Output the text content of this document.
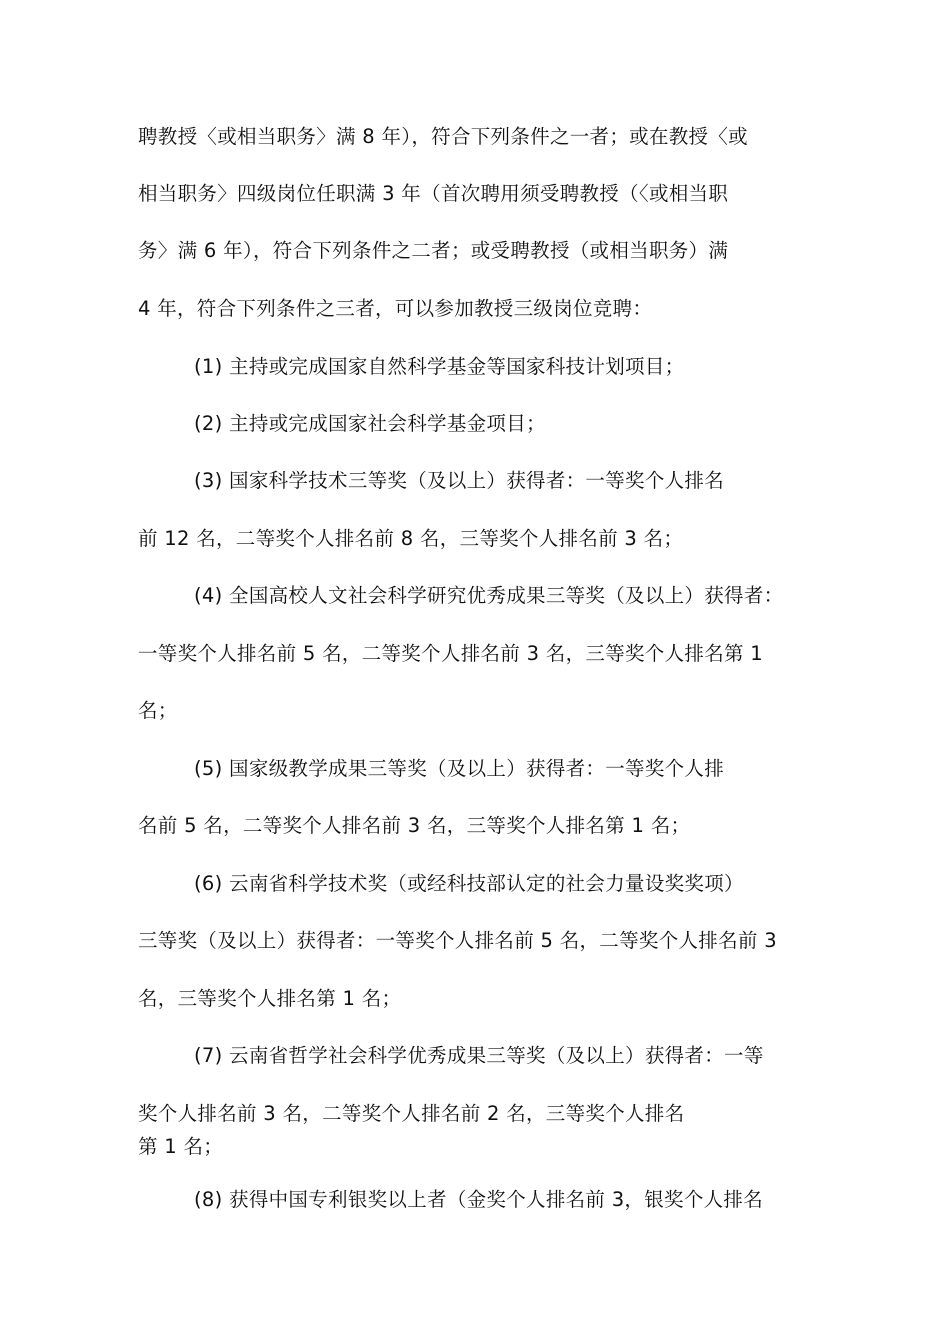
聘教授〈或相当职务〉满 8 年），符合下列条件之一者；或在教授〈或
相当职务〉四级岗位任职满 3 年（首次聘用须受聘教授（〈或相当职
务〉满 6 年），符合下列条件之二者；或受聘教授（或相当职务）满
4 年，符合下列条件之三者，可以参加教授三级岗位竞聘：
(1) 主持或完成国家自然科学基金等国家科技计划项目；
(2) 主持或完成国家社会科学基金项目；
(3) 国家科学技术三等奖（及以上）获得者：一等奖个人排名
前 12 名，二等奖个人排名前 8 名，三等奖个人排名前 3 名；
(4) 全国高校人文社会科学研究优秀成果三等奖（及以上）获得者：
一等奖个人排名前 5 名，二等奖个人排名前 3 名，三等奖个人排名第 1
名；
(5) 国家级教学成果三等奖（及以上）获得者：一等奖个人排
名前 5 名，二等奖个人排名前 3 名，三等奖个人排名第 1 名；
(6) 云南省科学技术奖（或经科技部认定的社会力量设奖奖项）
三等奖（及以上）获得者：一等奖个人排名前 5 名，二等奖个人排名前 3
名，三等奖个人排名第 1 名；
(7) 云南省哲学社会科学优秀成果三等奖（及以上）获得者：一等
奖个人排名前 3 名，二等奖个人排名前 2 名，三等奖个人排名
第 1 名；
(8) 获得中国专利银奖以上者（金奖个人排名前 3，银奖个人排名
